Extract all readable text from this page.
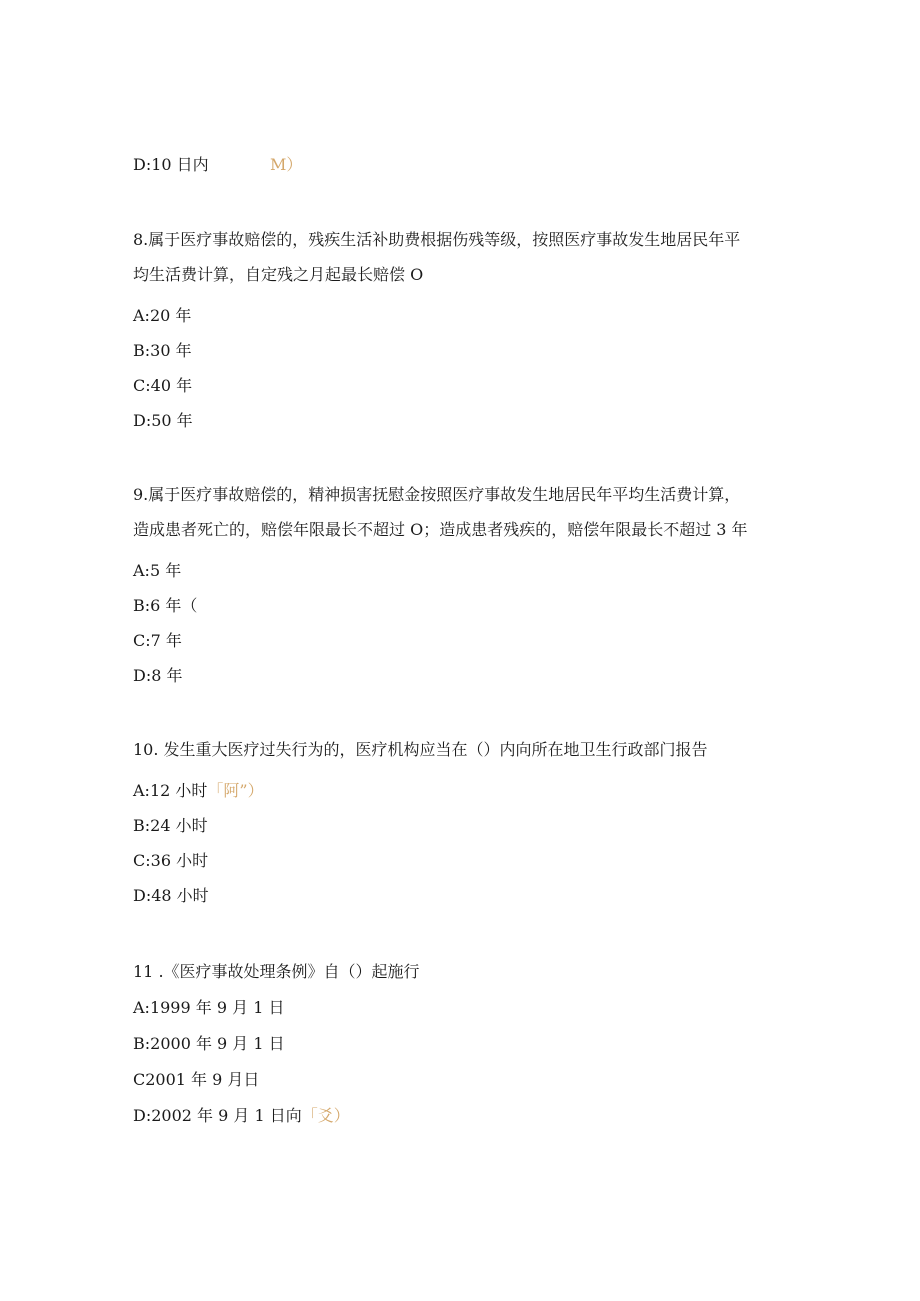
D:10 日内	M）
8.属于医疗事故赔偿的，残疾生活补助费根据伤残等级，按照医疗事故发生地居民年平
均生活费计算，自定残之月起最长赔偿 O
A:20 年
B:30 年
C:40 年
D:50 年
9.属于医疗事故赔偿的，精神损害抚慰金按照医疗事故发生地居民年平均生活费计算，
造成患者死亡的，赔偿年限最长不超过 O；造成患者残疾的，赔偿年限最长不超过 3 年
A:5 年
B:6 年（
C:7 年
D:8 年
10. 发生重大医疗过失行为的，医疗机构应当在（）内向所在地卫生行政部门报告
A:12 小时「阿”）
B:24 小时
C:36 小时
D:48 小时
11 .《医疗事故处理条例》自（）起施行
A:1999 年 9 月 1 日
B:2000 年 9 月 1 日
C2001 年 9 月日
D:2002 年 9 月 1 日向「爻）
